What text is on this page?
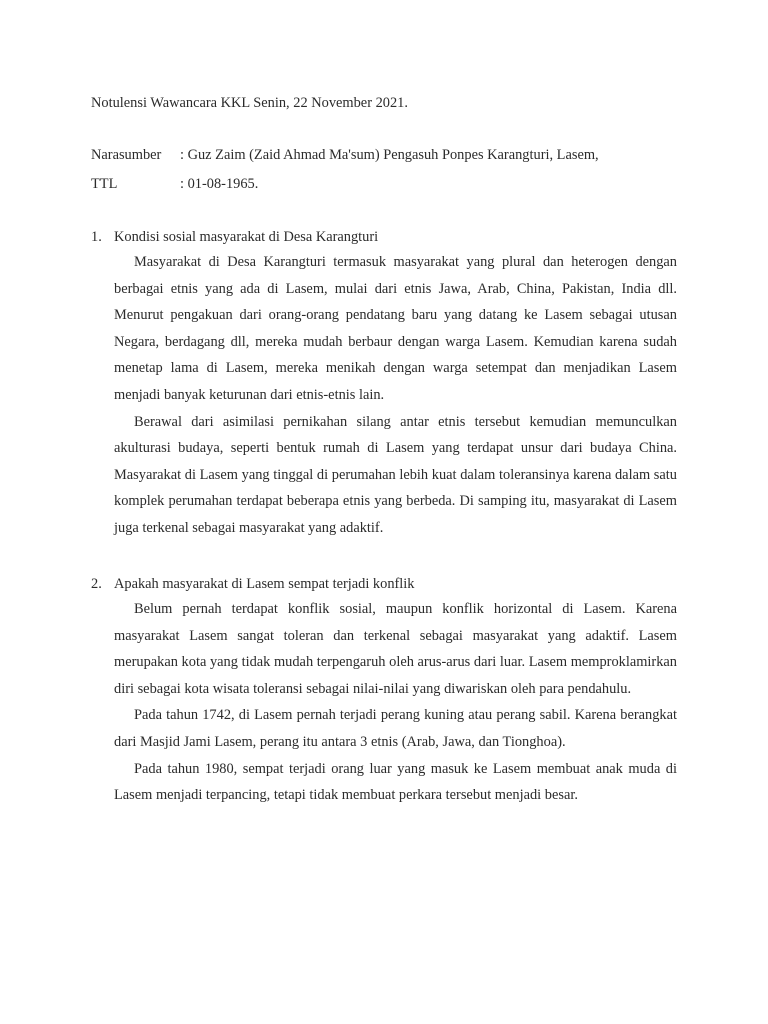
Notulensi Wawancara KKL Senin, 22 November 2021.
Narasumber : Guz Zaim (Zaid Ahmad Ma'sum) Pengasuh Ponpes Karangturi, Lasem,
TTL	: 01-08-1965.
1. Kondisi sosial masyarakat di Desa Karangturi

Masyarakat di Desa Karangturi termasuk masyarakat yang plural dan heterogen dengan berbagai etnis yang ada di Lasem, mulai dari etnis Jawa, Arab, China, Pakistan, India dll. Menurut pengakuan dari orang-orang pendatang baru yang datang ke Lasem sebagai utusan Negara, berdagang dll, mereka mudah berbaur dengan warga Lasem. Kemudian karena sudah menetap lama di Lasem, mereka menikah dengan warga setempat dan menjadikan Lasem menjadi banyak keturunan dari etnis-etnis lain.

Berawal dari asimilasi pernikahan silang antar etnis tersebut kemudian memunculkan akulturasi budaya, seperti bentuk rumah di Lasem yang terdapat unsur dari budaya China. Masyarakat di Lasem yang tinggal di perumahan lebih kuat dalam toleransinya karena dalam satu komplek perumahan terdapat beberapa etnis yang berbeda. Di samping itu, masyarakat di Lasem juga terkenal sebagai masyarakat yang adaktif.

2. Apakah masyarakat di Lasem sempat terjadi konflik

Belum pernah terdapat konflik sosial, maupun konflik horizontal di Lasem. Karena masyarakat Lasem sangat toleran dan terkenal sebagai masyarakat yang adaktif. Lasem merupakan kota yang tidak mudah terpengaruh oleh arus-arus dari luar. Lasem memproklamirkan diri sebagai kota wisata toleransi sebagai nilai-nilai yang diwariskan oleh para pendahulu.

Pada tahun 1742, di Lasem pernah terjadi perang kuning atau perang sabil. Karena berangkat dari Masjid Jami Lasem, perang itu antara 3 etnis (Arab, Jawa, dan Tionghoa).

Pada tahun 1980, sempat terjadi orang luar yang masuk ke Lasem membuat anak muda di Lasem menjadi terpancing, tetapi tidak membuat perkara tersebut menjadi besar.
